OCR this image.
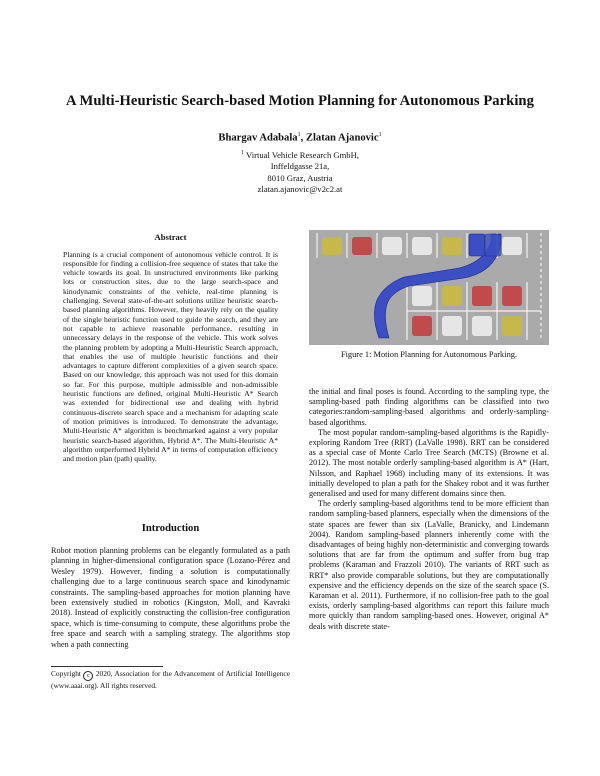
A Multi-Heuristic Search-based Motion Planning for Autonomous Parking
Bhargav Adabala$^1$, Zlatan Ajanovic$^1$
$^1$ Virtual Vehicle Research GmbH,
Inffeldgasse 21a,
8010 Graz, Austria
zlatan.ajanovic@v2c2.at
Abstract
Planning is a crucial component of autonomous vehicle control. It is responsible for finding a collision-free sequence of states that take the vehicle towards its goal. In unstructured environments like parking lots or construction sites, due to the large search-space and kinodynamic constraints of the vehicle, real-time planning is challenging. Several state-of-the-art solutions utilize heuristic search-based planning algorithms. However, they heavily rely on the quality of the single heuristic function used to guide the search, and they are not capable to achieve reasonable performance, resulting in unnecessary delays in the response of the vehicle. This work solves the planning problem by adopting a Multi-Heuristic Search approach, that enables the use of multiple heuristic functions and their advantages to capture different complexities of a given search space. Based on our knowledge, this approach was not used for this domain so far. For this purpose, multiple admissible and non-admissible heuristic functions are defined, original Multi-Heuristic A* Search was extended for bidirectional use and dealing with hybrid continuous-discrete search space and a mechanism for adapting scale of motion primitives is introduced. To demonstrate the advantage, Multi-Heuristic A* algorithm is benchmarked against a very popular heuristic search-based algorithm, Hybrid A*. The Multi-Heuristic A* algorithm outperformed Hybrid A* in terms of computation efficiency and motion plan (path) quality.
Introduction
Robot motion planning problems can be elegantly formulated as a path planning in higher-dimensional configuration space (Lozano-Pérez and Wesley 1979). However, finding a solution is computationally challenging due to a large continuous search space and kinodynamic constraints. The sampling-based approaches for motion planning have been extensively studied in robotics (Kingston, Moll, and Kavraki 2018). Instead of explicitly constructing the collision-free configuration space, which is time-consuming to compute, these algorithms probe the free space and search with a sampling strategy. The algorithms stop when a path connecting
Copyright c 2020, Association for the Advancement of Artificial Intelligence (www.aaai.org). All rights reserved.
Figure 1: Motion Planning for Autonomous Parking.

the initial and final poses is found. According to the sampling type, the sampling-based path finding algorithms can be classified into two categories:random-sampling-based algorithms and orderly-sampling-based algorithms.

The most popular random-sampling-based algorithms is the Rapidly-exploring Random Tree (RRT) (LaValle 1998). RRT can be considered as a special case of Monte Carlo Tree Search (MCTS) (Browne et al. 2012). The most notable orderly sampling-based algorithm is A* (Hart, Nilsson, and Raphael 1968) including many of its extensions. It was initially developed to plan a path for the Shakey robot and it was further generalised and used for many different domains since then.

The orderly sampling-based algorithms tend to be more efficient than random sampling-based planners, especially when the dimensions of the state spaces are fewer than six (LaValle, Branicky, and Lindemann 2004). Random sampling-based planners inherently come with the disadvantages of being highly non-deterministic and converging towards solutions that are far from the optimum and suffer from bug trap problems (Karaman and Frazzoli 2010). The variants of RRT such as RRT* also provide comparable solutions, but they are computationally expensive and the efficiency depends on the size of the search space (S. Karaman et al. 2011). Furthermore, if no collision-free path to the goal exists, orderly sampling-based algorithms can report this failure much more quickly than random sampling-based ones. However, original A* deals with discrete state-
